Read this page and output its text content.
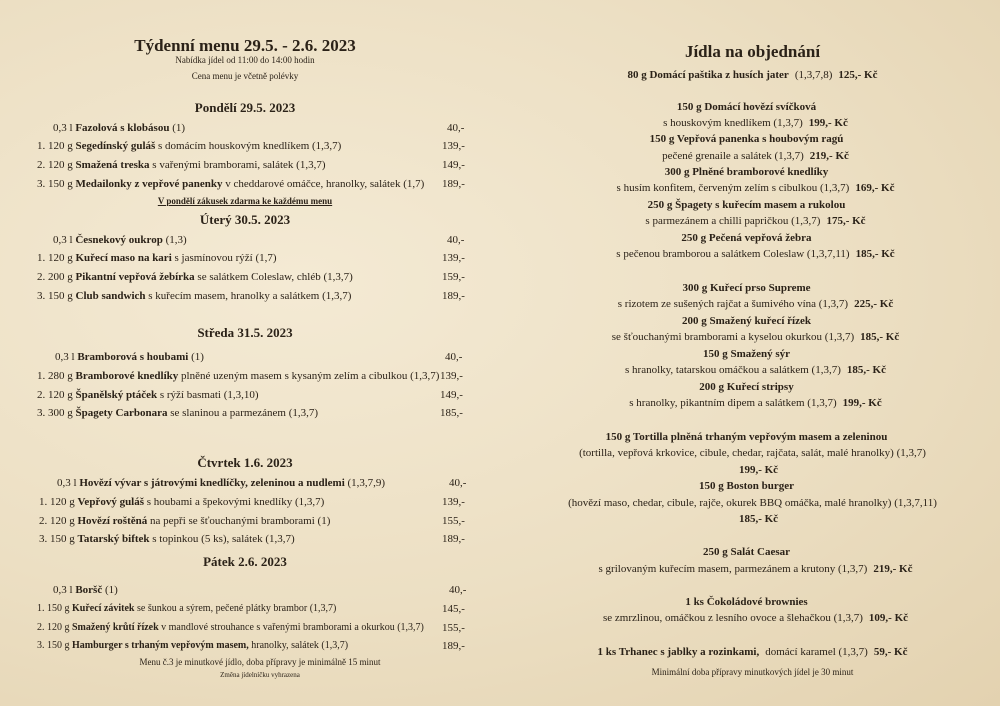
Týdenní menu 29.5. - 2.6. 2023
Nabídka jídel od 11:00 do 14:00 hodin
Cena menu je včetně polévky
Pondělí 29.5. 2023
0,3 l Fazolová s klobásou (1)	40,-
1. 120 g Segedínský guláš s domácím houskovým knedlíkem (1,3,7)	139,-
2. 120 g Smažená treska s vařenými bramborami, salátek (1,3,7)	149,-
3. 150 g Medailonky z vepřové panenky v cheddarové omáčce, hranolky, salátek (1,7) 189,-
V pondělí zákusek zdarma ke každému menu
Úterý 30.5. 2023
0,3 l Česnekový oukrop (1,3)	40,-
1. 120 g Kuřecí maso na kari s jasmínovou rýží (1,7)	139,-
2. 200 g Pikantní vepřová žebírka se salátkem Coleslaw, chléb (1,3,7)	159,-
3. 150 g Club sandwich s kuřecím masem, hranolky a salátkem (1,3,7)	189,-
Středa 31.5. 2023
0,3 l Bramborová s houbami (1)	40,-
1. 280 g Bramborové knedlíky plněné uzeným masem s kysaným zelím a cibulkou (1,3,7) 139,-
2. 120 g Španělský ptáček s rýží basmati (1,3,10)	149,-
3. 300 g Špagety Carbonara se slaninou a parmezánem (1,3,7)	185,-
Čtvrtek 1.6. 2023
0,3 l Hovězí vývar s játrovými knedlíčky, zeleninou a nudlemi (1,3,7,9)	40,-
1. 120 g Vepřový guláš s houbami a špekovými knedlíky (1,3,7)	139,-
2. 120 g Hovězí roštěná na pepři se šťouchanými bramborami (1)	155,-
3. 150 g Tatarský biftek s topinkou (5 ks), salátek (1,3,7)	189,-
Pátek 2.6. 2023
0,3 l Boršč (1)	40,-
1. 150 g Kuřecí závitek se šunkou a sýrem, pečené plátky brambor (1,3,7)	145,-
2. 120 g Smažený krůtí řízek v mandlové strouhance s vařenými bramborami a okurkou (1,3,7) 155,-
3. 150 g Hamburger s trhaným vepřovým masem, hranolky, salátek (1,3,7)	189,-
Menu č.3 je minutkové jídlo, doba přípravy je minimálně 15 minut
Změna jídelníčku vyhrazena
Jídla na objednání
80 g Domácí paštika z husích jater (1,3,7,8) 125,- Kč
150 g Domácí hovězí svíčková
s houskovým knedlíkem (1,3,7) 199,- Kč
150 g Vepřová panenka s houbovým ragú
pečené grenaile a salátek (1,3,7) 219,- Kč
300 g Plněné bramborové knedlíky
s husím konfitem, červeným zelím s cibulkou (1,3,7) 169,- Kč
250 g Špagety s kuřecím masem a rukolou
s parmezánem a chilli papričkou (1,3,7) 175,- Kč
250 g Pečená vepřová žebra
s pečenou bramborou a salátkem Coleslaw (1,3,7,11) 185,- Kč
300 g Kuřecí prso Supreme
s rizotem ze sušených rajčat a šumivého vína (1,3,7) 225,- Kč
200 g Smažený kuřecí řízek
se šťouchanými bramborami a kyselou okurkou (1,3,7) 185,- Kč
150 g Smažený sýr
s hranolky, tatarskou omáčkou a salátkem (1,3,7) 185,- Kč
200 g Kuřecí stripsy
s hranolky, pikantním dipem a salátkem (1,3,7) 199,- Kč
150 g Tortilla plněná trhaným vepřovým masem a zeleninou
(tortilla, vepřová krkovice, cibule, chedar, rajčata, salát, malé hranolky) (1,3,7)
199,- Kč
150 g Boston burger
(hovězí maso, chedar, cibule, rajče, okurek BBQ omáčka, malé hranolky) (1,3,7,11)
185,- Kč
250 g Salát Caesar
s grilovaným kuřecím masem, parmezánem a krutony (1,3,7) 219,- Kč
1 ks Čokoládové brownies
se zmrzlinou, omáčkou z lesního ovoce a šlehačkou (1,3,7) 109,- Kč
1 ks Trhanec s jablky a rozinkami, domácí karamel (1,3,7) 59,- Kč
Minimální doba přípravy minutkových jídel je 30 minut
